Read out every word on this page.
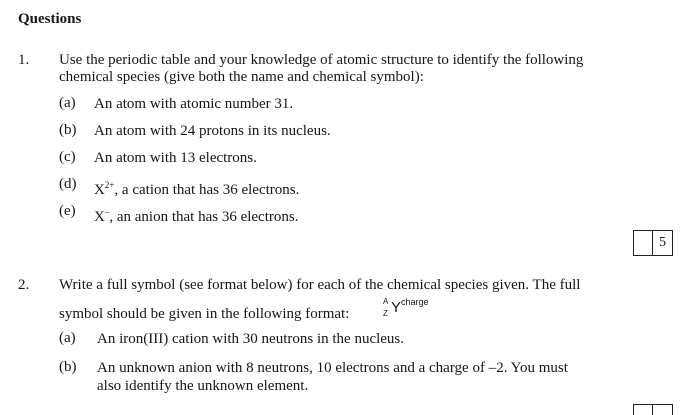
Questions
1. Use the periodic table and your knowledge of atomic structure to identify the following
chemical species (give both the name and chemical symbol):
(a) An atom with atomic number 31.
(b) An atom with 24 protons in its nucleus.
(c) An atom with 13 electrons.
(d) $X^{2+}$, a cation that has 36 electrons.
(e) X–, an anion that has 36 electrons.
5
2. Write a full symbol (see format below) for each of the chemical species given. The full
symbol should be given in the following format:
A
Z Y charge
(a) An iron(III) cation with 30 neutrons in the nucleus.
(b) An unknown anion with 8 neutrons, 10 electrons and a charge of –2. You must
also identify the unknown element.
